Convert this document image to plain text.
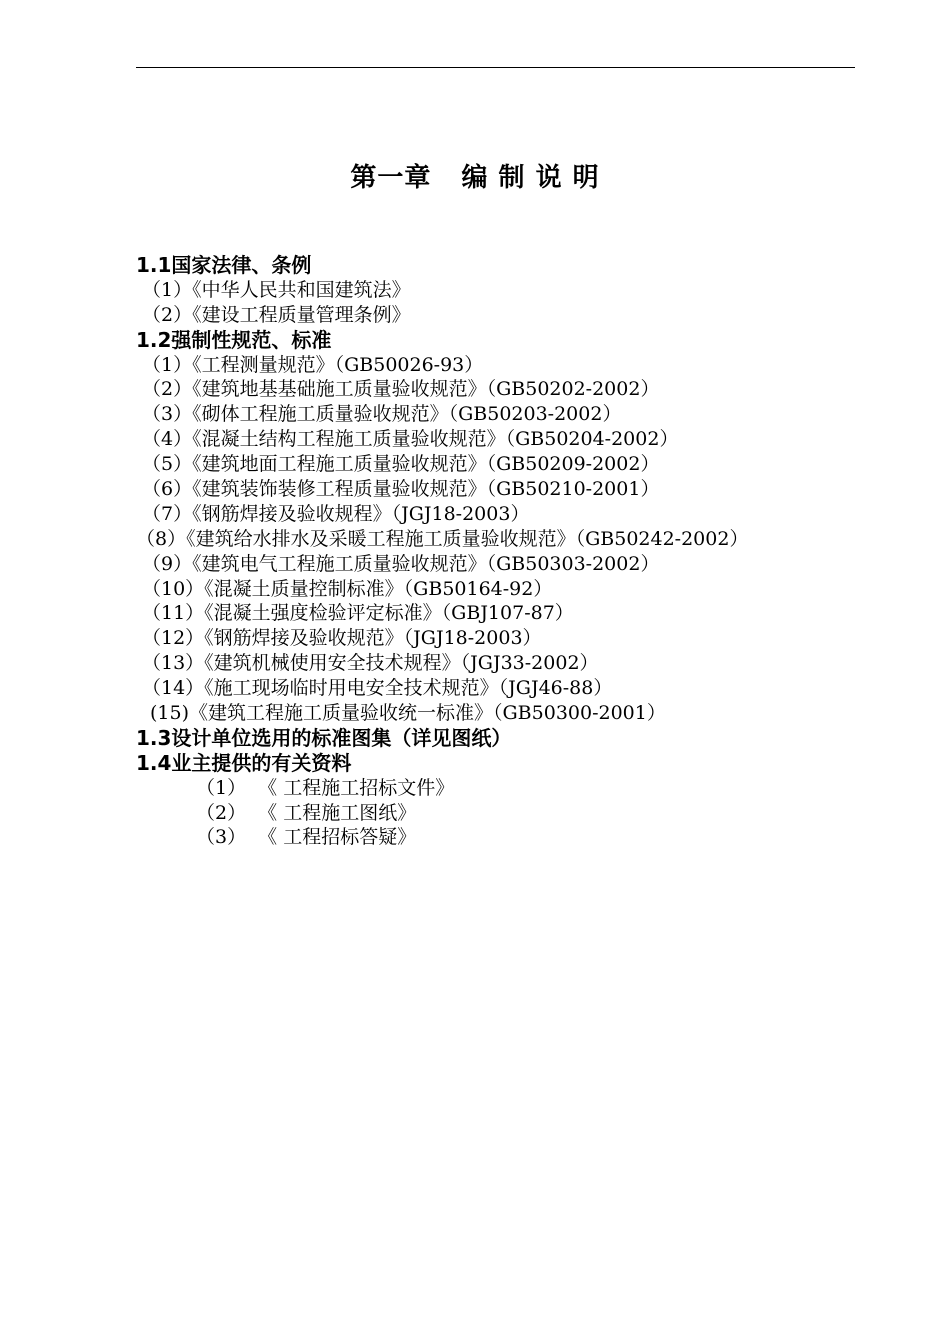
第一章   编 制 说 明
1.1国家法律、条例
（1）《中华人民共和国建筑法》
（2）《建设工程质量管理条例》
1.2强制性规范、标准
（1）《工程测量规范》（GB50026-93）
（2）《建筑地基基础施工质量验收规范》（GB50202-2002）
（3）《砌体工程施工质量验收规范》（GB50203-2002）
（4）《混凝土结构工程施工质量验收规范》（GB50204-2002）
（5）《建筑地面工程施工质量验收规范》（GB50209-2002）
（6）《建筑装饰装修工程质量验收规范》（GB50210-2001）
（7）《钢筋焊接及验收规程》（JGJ18-2003）
（8）《建筑给水排水及采暖工程施工质量验收规范》（GB50242-2002）
（9）《建筑电气工程施工质量验收规范》（GB50303-2002）
（10）《混凝土质量控制标准》（GB50164-92）
（11）《混凝土强度检验评定标准》（GBJ107-87）
（12）《钢筋焊接及验收规范》（JGJ18-2003）
（13）《建筑机械使用安全技术规程》（JGJ33-2002）
（14）《施工现场临时用电安全技术规范》（JGJ46-88）
(15)《建筑工程施工质量验收统一标准》（GB50300-2001）
1.3设计单位选用的标准图集（详见图纸）
1.4业主提供的有关资料
（1）  《 工程施工招标文件》
（2）  《 工程施工图纸》
（3）  《 工程招标答疑》
